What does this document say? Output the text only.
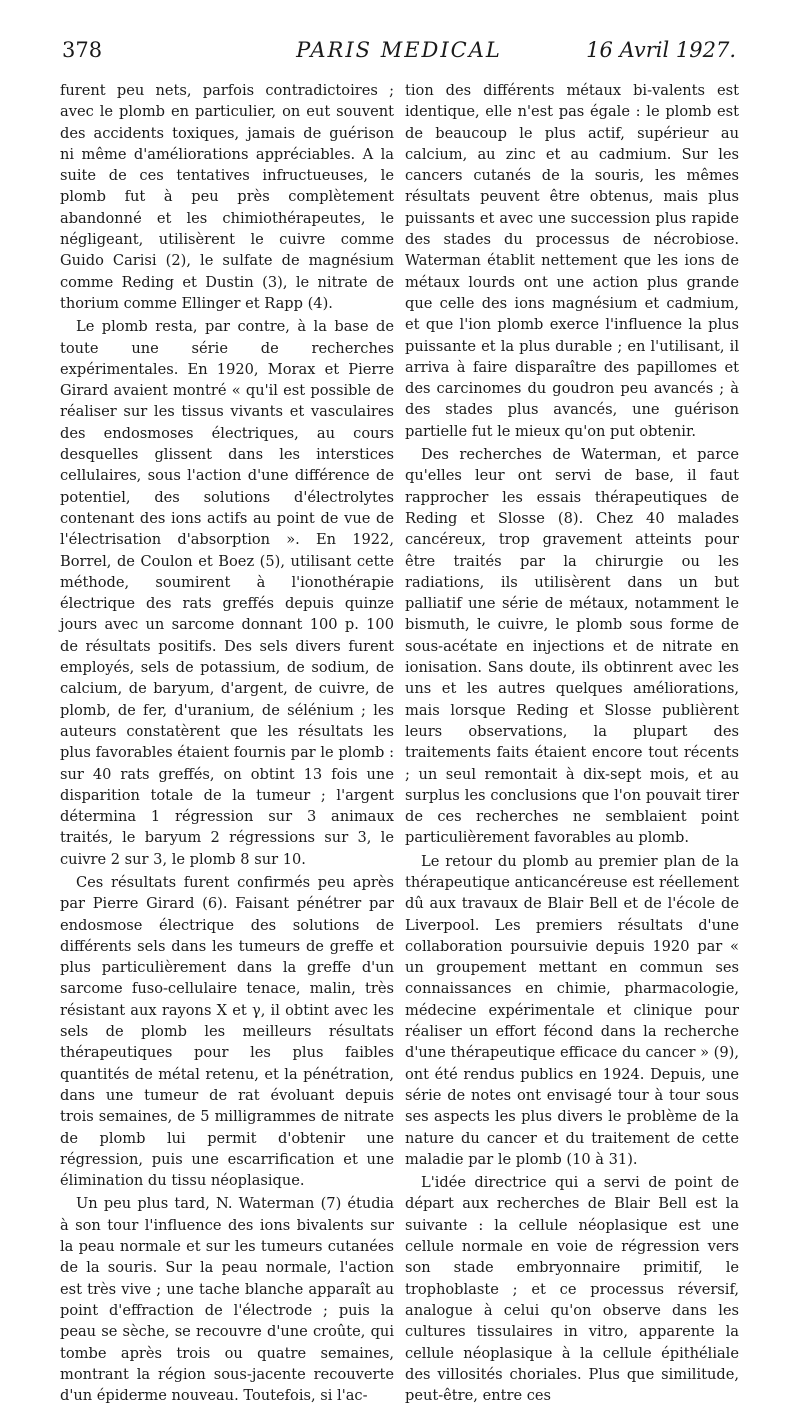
378	PARIS MEDICAL	16 Avril 1927.

furent peu nets, parfois contradictoires ; avec le plomb en particulier, on eut souvent des accidents toxiques, jamais de guérison ni même d'améliorations appréciables. A la suite de ces tentatives infructueuses, le plomb fut à peu près complètement abandonné et les chimiothérapeutes, le négligeant, utilisèrent le cuivre comme Guido Carisi (2), le sulfate de magnésium comme Reding et Dustin (3), le nitrate de thorium comme Ellinger et Rapp (4).

Le plomb resta, par contre, à la base de toute une série de recherches expérimentales. En 1920, Morax et Pierre Girard avaient montré « qu'il est possible de réaliser sur les tissus vivants et vasculaires des endosmoses électriques, au cours desquelles glissent dans les interstices cellulaires, sous l'action d'une différence de potentiel, des solutions d'électrolytes contenant des ions actifs au point de vue de l'électrisation d'absorption ». En 1922, Borrel, de Coulon et Boez (5), utilisant cette méthode, soumirent à l'ionothérapie électrique des rats greffés depuis quinze jours avec un sarcome donnant 100 p. 100 de résultats positifs. Des sels divers furent employés, sels de potassium, de sodium, de calcium, de baryum, d'argent, de cuivre, de plomb, de fer, d'uranium, de sélénium ; les auteurs constatèrent que les résultats les plus favorables étaient fournis par le plomb : sur 40 rats greffés, on obtint 13 fois une disparition totale de la tumeur ; l'argent détermina 1 régression sur 3 animaux traités, le baryum 2 régressions sur 3, le cuivre 2 sur 3, le plomb 8 sur 10.

Ces résultats furent confirmés peu après par Pierre Girard (6). Faisant pénétrer par endosmose électrique des solutions de différents sels dans les tumeurs de greffe et plus particulièrement dans la greffe d'un sarcome fuso-cellulaire tenace, malin, très résistant aux rayons X et γ, il obtint avec les sels de plomb les meilleurs résultats thérapeutiques pour les plus faibles quantités de métal retenu, et la pénétration, dans une tumeur de rat évoluant depuis trois semaines, de 5 milligrammes de nitrate de plomb lui permit d'obtenir une régression, puis une escarrification et une élimination du tissu néoplasique.

Un peu plus tard, N. Waterman (7) étudia à son tour l'influence des ions bivalents sur la peau normale et sur les tumeurs cutanées de la souris. Sur la peau normale, l'action est très vive ; une tache blanche apparaît au point d'effraction de l'électrode ; puis la peau se sèche, se recouvre d'une croûte, qui tombe après trois ou quatre semaines, montrant la région sous-jacente recouverte d'un épiderme nouveau. Toutefois, si l'ac-

tion des différents métaux bi-valents est identique, elle n'est pas égale : le plomb est de beaucoup le plus actif, supérieur au calcium, au zinc et au cadmium. Sur les cancers cutanés de la souris, les mêmes résultats peuvent être obtenus, mais plus puissants et avec une succession plus rapide des stades du processus de nécrobiose. Waterman établit nettement que les ions de métaux lourds ont une action plus grande que celle des ions magnésium et cadmium, et que l'ion plomb exerce l'influence la plus puissante et la plus durable ; en l'utilisant, il arriva à faire disparaître des papillomes et des carcinomes du goudron peu avancés ; à des stades plus avancés, une guérison partielle fut le mieux qu'on put obtenir.

Des recherches de Waterman, et parce qu'elles leur ont servi de base, il faut rapprocher les essais thérapeutiques de Reding et Slosse (8). Chez 40 malades cancéreux, trop gravement atteints pour être traités par la chirurgie ou les radiations, ils utilisèrent dans un but palliatif une série de métaux, notamment le bismuth, le cuivre, le plomb sous forme de sous-acétate en injections et de nitrate en ionisation. Sans doute, ils obtinrent avec les uns et les autres quelques améliorations, mais lorsque Reding et Slosse publièrent leurs observations, la plupart des traitements faits étaient encore tout récents ; un seul remontait à dix-sept mois, et au surplus les conclusions que l'on pouvait tirer de ces recherches ne semblaient point particulièrement favorables au plomb.

Le retour du plomb au premier plan de la thérapeutique anticancéreuse est réellement dû aux travaux de Blair Bell et de l'école de Liverpool. Les premiers résultats d'une collaboration poursuivie depuis 1920 par « un groupement mettant en commun ses connaissances en chimie, pharmacologie, médecine expérimentale et clinique pour réaliser un effort fécond dans la recherche d'une thérapeutique efficace du cancer » (9), ont été rendus publics en 1924. Depuis, une série de notes ont envisagé tour à tour sous ses aspects les plus divers le problème de la nature du cancer et du traitement de cette maladie par le plomb (10 à 31).

L'idée directrice qui a servi de point de départ aux recherches de Blair Bell est la suivante : la cellule néoplasique est une cellule normale en voie de régression vers son stade embryonnaire primitif, le trophoblaste ; et ce processus réversif, analogue à celui qu'on observe dans les cultures tissulaires in vitro, apparente la cellule néoplasique à la cellule épithéliale des villosités choriales. Plus que similitude, peut-être, entre ces
